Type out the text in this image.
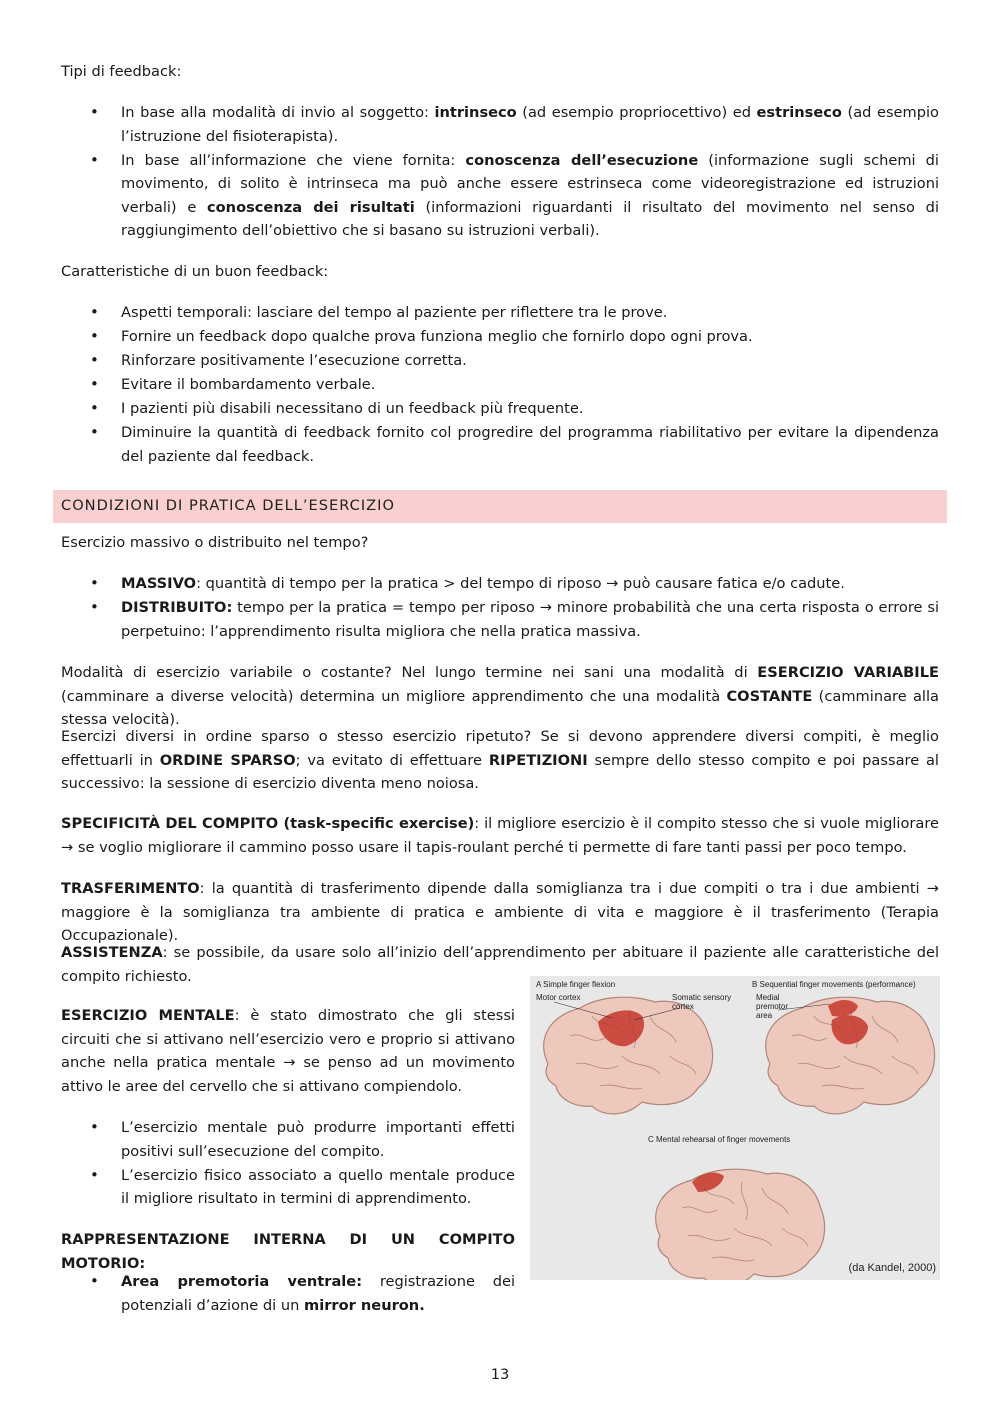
Tipi di feedback:

• In base alla modalità di invio al soggetto: intrinseco (ad esempio propriocettivo) ed estrinseco (ad esempio l’istruzione del fisioterapista).
• In base all’informazione che viene fornita: conoscenza dell’esecuzione (informazione sugli schemi di movimento, di solito è intrinseca ma può anche essere estrinseca come videoregistrazione ed istruzioni verbali) e conoscenza dei risultati (informazioni riguardanti il risultato del movimento nel senso di raggiungimento dell’obiettivo che si basano su istruzioni verbali).

Caratteristiche di un buon feedback:

• Aspetti temporali: lasciare del tempo al paziente per riflettere tra le prove.
• Fornire un feedback dopo qualche prova funziona meglio che fornirlo dopo ogni prova.
• Rinforzare positivamente l’esecuzione corretta.
• Evitare il bombardamento verbale.
• I pazienti più disabili necessitano di un feedback più frequente.
• Diminuire la quantità di feedback fornito col progredire del programma riabilitativo per evitare la dipendenza del paziente dal feedback.
CONDIZIONI DI PRATICA DELL’ESERCIZIO

Esercizio massivo o distribuito nel tempo?

• MASSIVO: quantità di tempo per la pratica > del tempo di riposo → può causare fatica e/o cadute.
• DISTRIBUITO: tempo per la pratica = tempo per riposo → minore probabilità che una certa risposta o errore si perpetuino: l’apprendimento risulta migliora che nella pratica massiva.

Modalità di esercizio variabile o costante? Nel lungo termine nei sani una modalità di ESERCIZIO VARIABILE (camminare a diverse velocità) determina un migliore apprendimento che una modalità COSTANTE (camminare alla stessa velocità).

Esercizi diversi in ordine sparso o stesso esercizio ripetuto? Se si devono apprendere diversi compiti, è meglio effettuarli in ORDINE SPARSO; va evitato di effettuare RIPETIZIONI sempre dello stesso compito e poi passare al successivo: la sessione di esercizio diventa meno noiosa.

SPECIFICITÀ DEL COMPITO (task-specific exercise): il migliore esercizio è il compito stesso che si vuole migliorare → se voglio migliorare il cammino posso usare il tapis-roulant perché ti permette di fare tanti passi per poco tempo.

TRASFERIMENTO: la quantità di trasferimento dipende dalla somiglianza tra i due compiti o tra i due ambienti → maggiore è la somiglianza tra ambiente di pratica e ambiente di vita e maggiore è il trasferimento (Terapia Occupazionale).

ASSISTENZA: se possibile, da usare solo all’inizio dell’apprendimento per abituare il paziente alle caratteristiche del compito richiesto.

ESERCIZIO MENTALE: è stato dimostrato che gli stessi circuiti che si attivano nell’esercizio vero e proprio si attivano anche nella pratica mentale → se penso ad un movimento attivo le aree del cervello che si attivano compiendolo.

• L’esercizio mentale può produrre importanti effetti positivi sull’esecuzione del compito.
• L’esercizio fisico associato a quello mentale produce il migliore risultato in termini di apprendimento.

RAPPRESENTAZIONE INTERNA DI UN COMPITO MOTORIO:

• Area premotoria ventrale: registrazione dei potenziali d’azione di un mirror neuron.
A Simple finger flexion
Motor cortex	Somatic sensory cortex
B Sequential finger movements (performance)
Medial premotor area
C Mental rehearsal of finger movements
(da Kandel, 2000)
13
